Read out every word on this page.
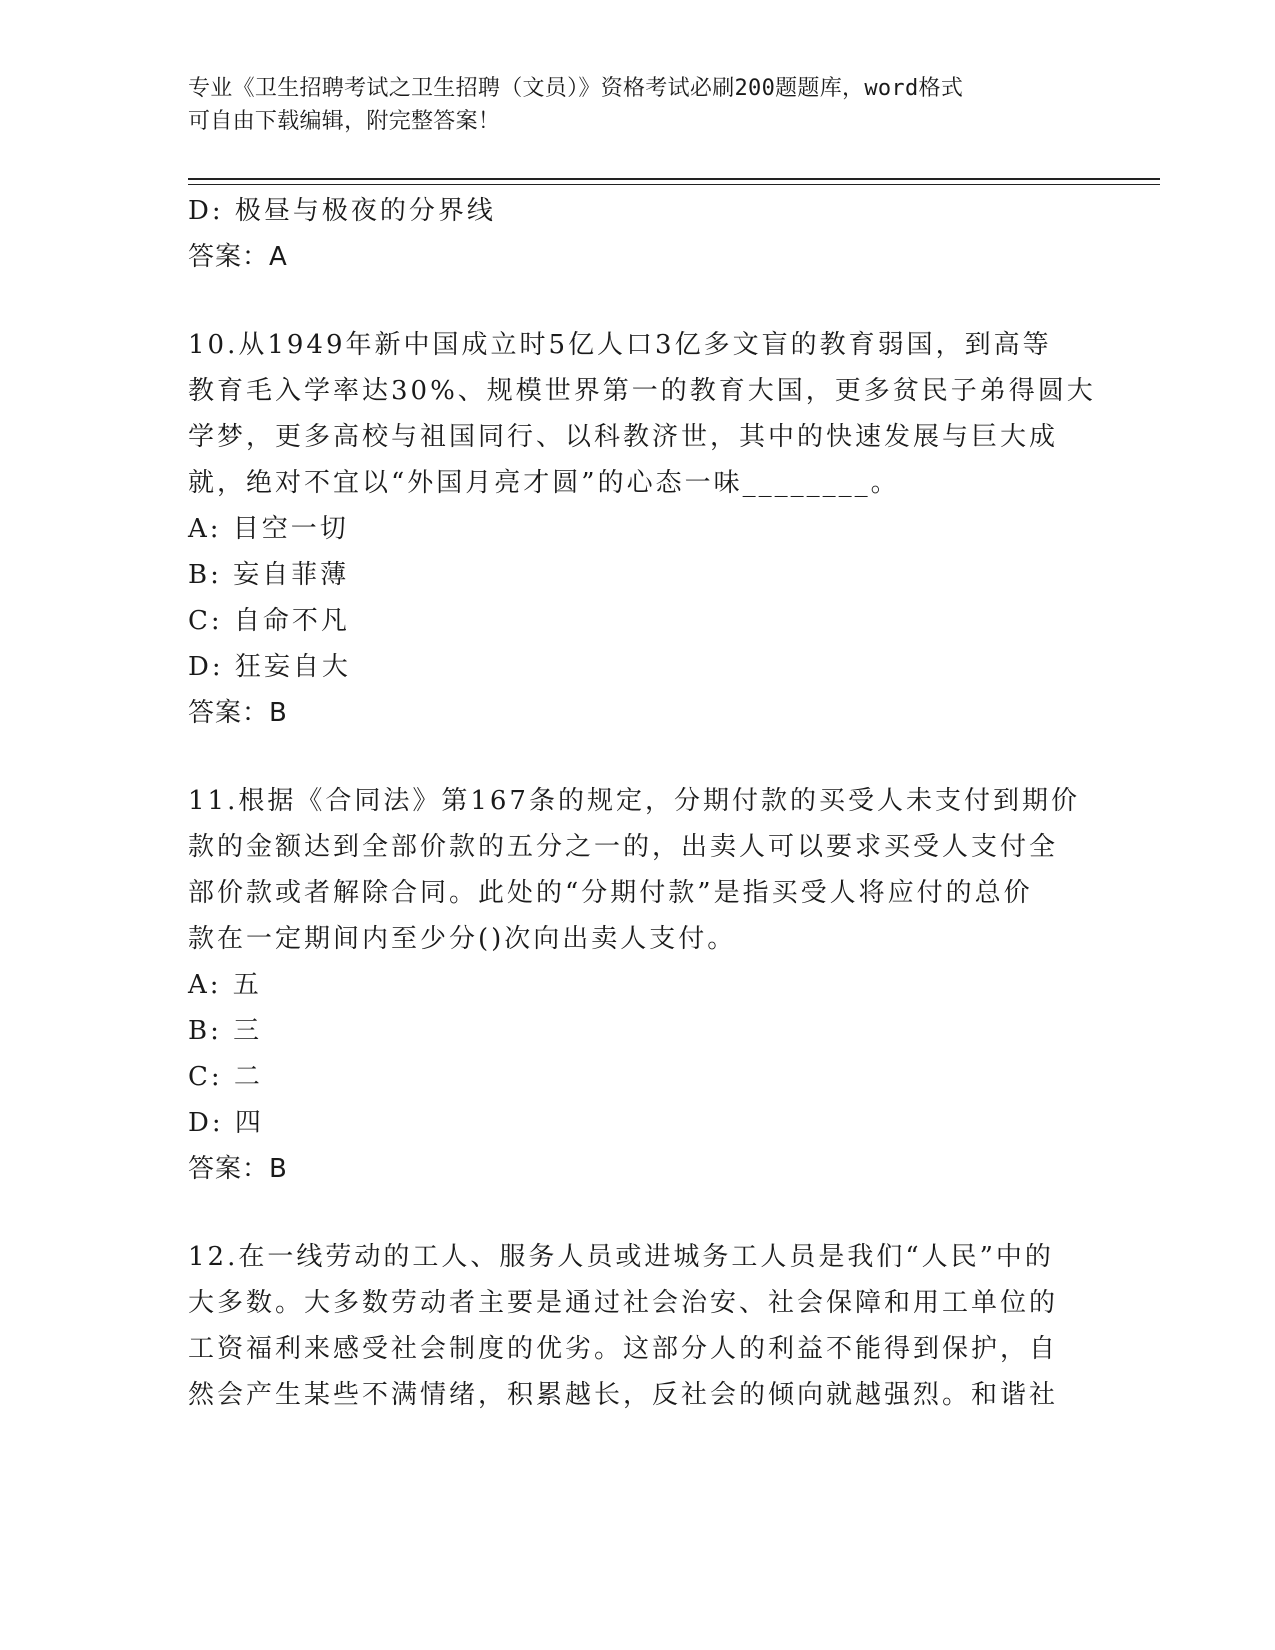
专业《卫生招聘考试之卫生招聘（文员）》资格考试必刷200题题库，word格式
可自由下载编辑，附完整答案！
D: 极昼与极夜的分界线
答案：A
10.从1949年新中国成立时5亿人口3亿多文盲的教育弱国，到高等
教育毛入学率达30%、规模世界第一的教育大国，更多贫民子弟得圆大
学梦，更多高校与祖国同行、以科教济世，其中的快速发展与巨大成
就，绝对不宜以“外国月亮才圆”的心态一味________。
A: 目空一切
B: 妄自菲薄
C: 自命不凡
D: 狂妄自大
答案：B
11.根据《合同法》第167条的规定，分期付款的买受人未支付到期价
款的金额达到全部价款的五分之一的，出卖人可以要求买受人支付全
部价款或者解除合同。此处的“分期付款”是指买受人将应付的总价
款在一定期间内至少分()次向出卖人支付。
A: 五
B: 三
C: 二
D: 四
答案：B
12.在一线劳动的工人、服务人员或进城务工人员是我们“人民”中的
大多数。大多数劳动者主要是通过社会治安、社会保障和用工单位的
工资福利来感受社会制度的优劣。这部分人的利益不能得到保护，自
然会产生某些不满情绪，积累越长，反社会的倾向就越强烈。和谐社
